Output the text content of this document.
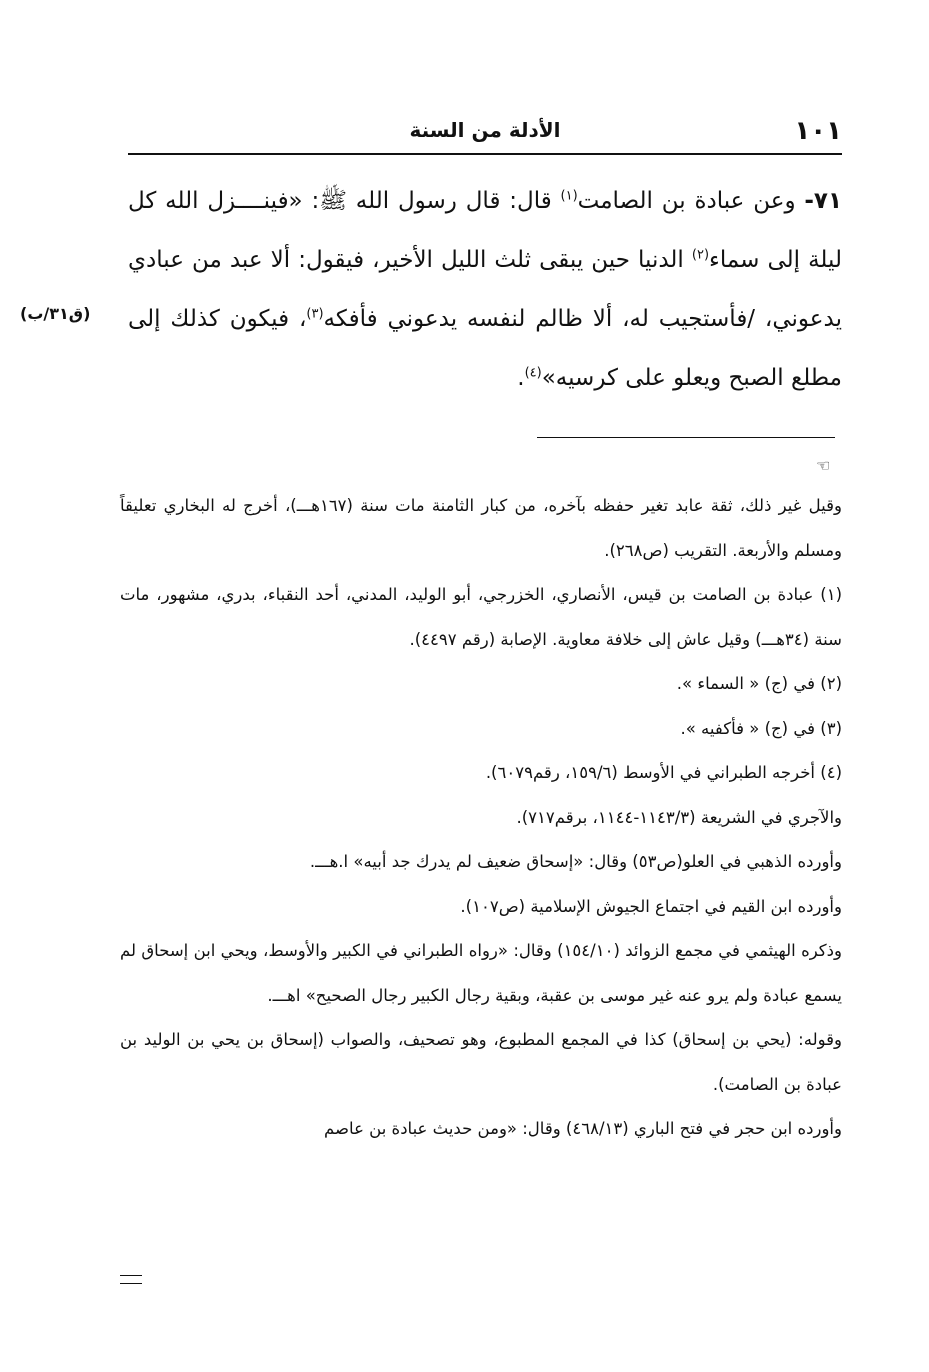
١٠١
الأدلة من السنة

٧١- وعن عبادة بن الصامت$^{(١)}$ قال: قال رسول الله ﷺ: «فينــــزل الله كل ليلة إلى سماء$^{(٢)}$ الدنيا حين يبقى ثلث الليل الأخير، فيقول: ألا عبد من عبادي يدعوني، /فأستجيب له، ألا ظالم لنفسه يدعوني فأفكه$^{(٣)}$، فيكون كذلك إلى مطلع الصبح ويعلو على كرسيه»$^{(٤)}$.

(ق٣١/ب)
☜

وقيل غير ذلك، ثقة عابد تغير حفظه بآخره، من كبار الثامنة مات سنة (١٦٧هـــ)، أخرج له البخاري تعليقاً ومسلم والأربعة. التقريب (ص٢٦٨).

(١) عبادة بن الصامت بن قيس، الأنصاري، الخزرجي، أبو الوليد، المدني، أحد النقباء، بدري، مشهور، مات سنة (٣٤هـــ) وقيل عاش إلى خلافة معاوية. الإصابة (رقم ٤٤٩٧).

(٢) في (ج) « السماء ».

(٣) في (ج) « فأكفيه ».

(٤) أخرجه الطبراني في الأوسط (١٥٩/٦، رقم٦٠٧٩).

والآجري في الشريعة (١١٤٣/٣-١١٤٤، برقم٧١٧).

وأورده الذهبي في العلو(ص٥٣) وقال: «إسحاق ضعيف لم يدرك جد أبيه» ا.هـــ.

وأورده ابن القيم في اجتماع الجيوش الإسلامية (ص١٠٧).

وذكره الهيثمي في مجمع الزوائد (١٥٤/١٠) وقال: «رواه الطبراني في الكبير والأوسط، ويحي ابن إسحاق لم يسمع عبادة ولم يرو عنه غير موسى بن عقبة، وبقية رجال الكبير رجال الصحيح» اهـــ.

وقوله: (يحي بن إسحاق) كذا في المجمع المطبوع، وهو تصحيف، والصواب (إسحاق بن يحي بن الوليد بن عبادة بن الصامت).

وأورده ابن حجر في فتح الباري (٤٦٨/١٣) وقال: «ومن حديث عبادة بن عاصم
